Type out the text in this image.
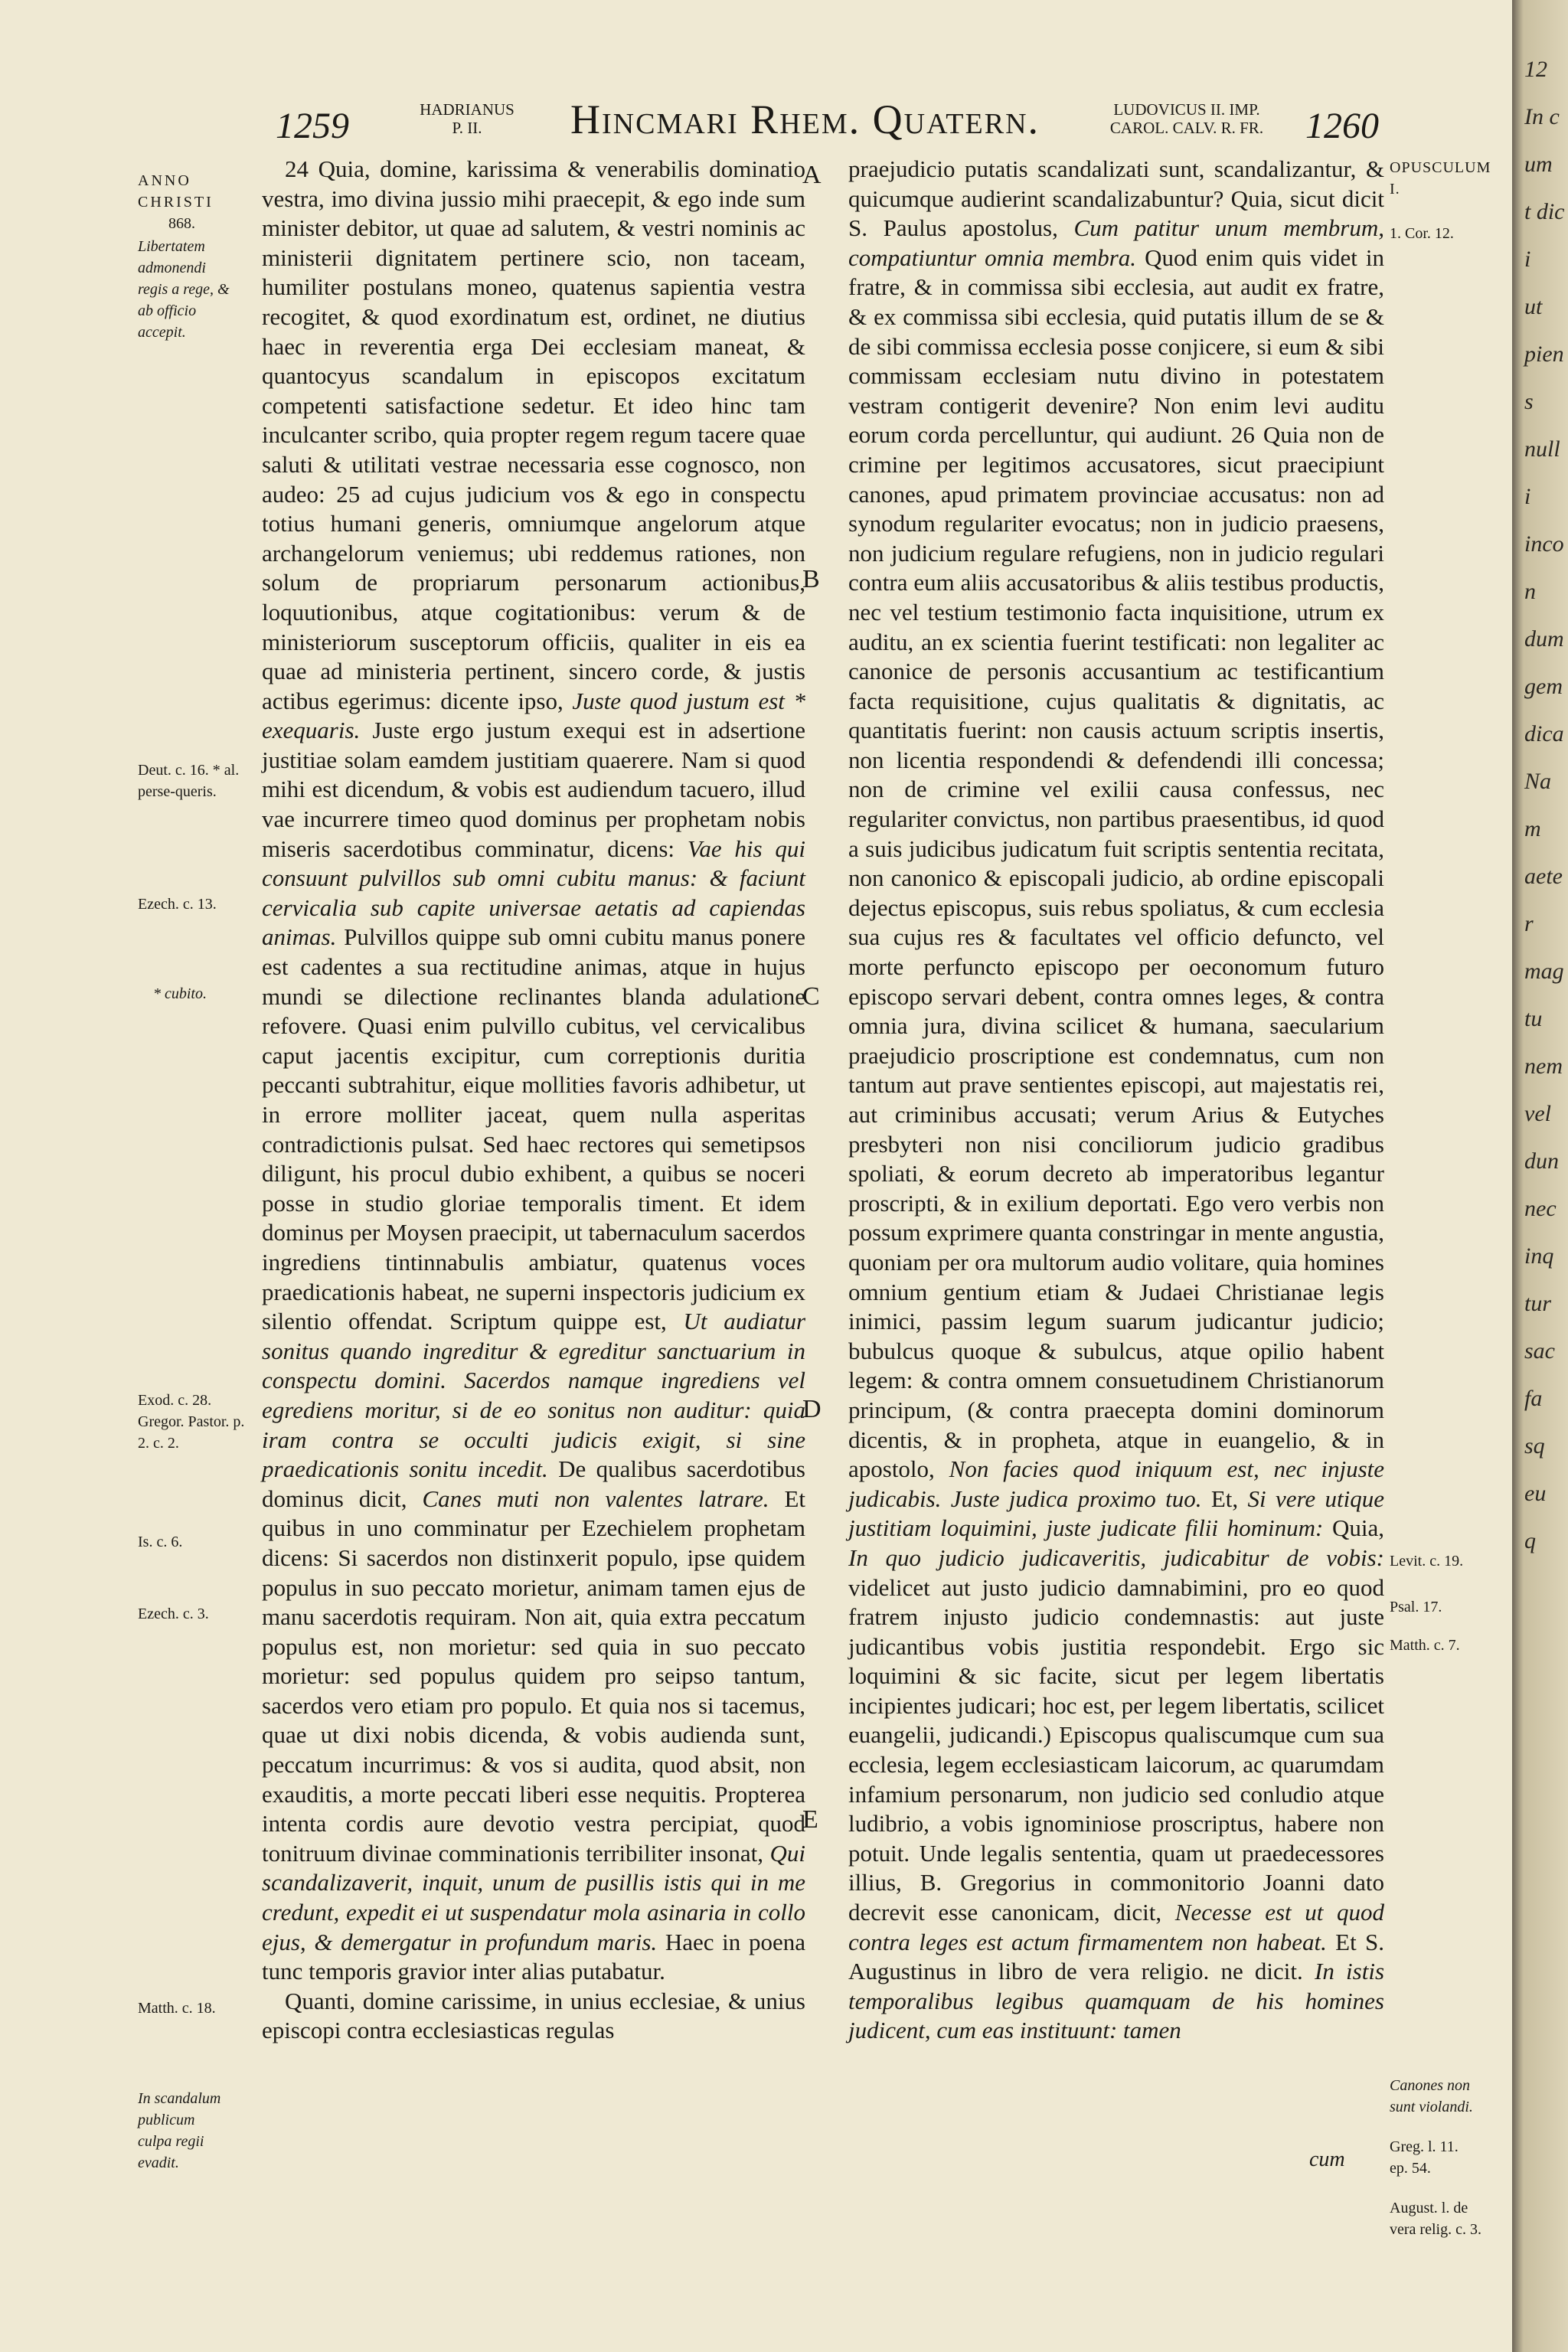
1259	HADRIANUS
P. II.	Hincmari Rhem. Quatern.	LUDOVICUS II. IMP.
CAROL. CALV. R. FR.	1260
ANNO CHRISTI
868.
Libertatem admonendi regis a rege, & ab officio accepit.
Deut. c. 16. * al. perse-queris.
Ezech. c. 13.
* cubito.
Exod. c. 28. Gregor. Pastor. p. 2. c. 2.
Is. c. 6.
Ezech. c. 3.
Matth. c. 18.
In scandalum publicum culpa regii evadit.

24 Quia, domine, karissima & venerabilis dominatio vestra, imo divina jussio mihi praecepit, & ego inde sum minister debitor, ut quae ad salutem, & vestri nominis ac ministerii dignitatem pertinere scio, non taceam, humiliter postulans moneo, quatenus sapientia vestra recogitet, & quod exordinatum est, ordinet, ne diutius haec in reverentia erga Dei ecclesiam maneat, & quantocyus scandalum in episcopos excitatum competenti satisfactione sedetur. Et ideo hinc tam inculcanter scribo, quia propter regem regum tacere quae saluti & utilitati vestrae necessaria esse cognosco, non audeo: 25 ad cujus judicium vos & ego in conspectu totius humani generis, omniumque angelorum atque archangelorum veniemus; ubi reddemus rationes, non solum de propriarum personarum actionibus, loquutionibus, atque cogitationibus: verum & de ministeriorum susceptorum officiis, qualiter in eis ea quae ad ministeria pertinent, sincero corde, & justis actibus egerimus: dicente ipso, Juste quod justum est * exequaris. Juste ergo justum exequi est in adsertione justitiae solam eamdem justitiam quaerere. Nam si quod mihi est dicendum, & vobis est audiendum tacuero, illud vae incurrere timeo quod dominus per prophetam nobis miseris sacerdotibus comminatur, dicens: Vae his qui consuunt pulvillos sub omni cubitu manus: & faciunt cervicalia sub capite universae aetatis ad capiendas animas. Pulvillos quippe sub omni cubitu manus ponere est cadentes a sua rectitudine animas, atque in hujus mundi se dilectione reclinantes blanda adulatione refovere. Quasi enim pulvillo cubitus, vel cervicalibus caput jacentis excipitur, cum correptionis duritia peccanti subtrahitur, eique mollities favoris adhibetur, ut in errore molliter jaceat, quem nulla asperitas contradictionis pulsat. Sed haec rectores qui semetipsos diligunt, his procul dubio exhibent, a quibus se noceri posse in studio gloriae temporalis timent. Et idem dominus per Moysen praecipit, ut tabernaculum sacerdos ingrediens tintinnabulis ambiatur, quatenus voces praedicationis habeat, ne superni inspectoris judicium ex silentio offendat. Scriptum quippe est, Ut audiatur sonitus quando ingreditur & egreditur sanctuarium in conspectu domini. Sacerdos namque ingrediens vel egrediens moritur, si de eo sonitus non auditur: quia iram contra se occulti judicis exigit, si sine praedicationis sonitu incedit. De qualibus sacerdotibus dominus dicit, Canes muti non valentes latrare. Et quibus in uno comminatur per Ezechielem prophetam dicens: Si sacerdos non distinxerit populo, ipse quidem populus in suo peccato morietur, animam tamen ejus de manu sacerdotis requiram. Non ait, quia extra peccatum populus est, non morietur: sed quia in suo peccato morietur: sed populus quidem pro seipso tantum, sacerdos vero etiam pro populo. Et quia nos si tacemus, quae ut dixi nobis dicenda, & vobis audienda sunt, peccatum incurrimus: & vos si audita, quod absit, non exauditis, a morte peccati liberi esse nequitis. Propterea intenta cordis aure devotio vestra percipiat, quod tonitruum divinae comminationis terribiliter insonat, Qui scandalizaverit, inquit, unum de pusillis istis qui in me credunt, expedit ei ut suspendatur mola asinaria in collo ejus, & demergatur in profundum maris. Haec in poena tunc temporis gravior inter alias putabatur.

Quanti, domine carissime, in unius ecclesiae, & unius episcopi contra ecclesiasticas regulas

A
B
C
D
E

praejudicio putatis scandalizati sunt, scandalizantur, & quicumque audierint scandalizabuntur? Quia, sicut dicit S. Paulus apostolus, Cum patitur unum membrum, compatiuntur omnia membra. Quod enim quis videt in fratre, & in commissa sibi ecclesia, aut audit ex fratre, & ex commissa sibi ecclesia, quid putatis illum de se & de sibi commissa ecclesia posse conjicere, si eum & sibi commissam ecclesiam nutu divino in potestatem vestram contigerit devenire? Non enim levi auditu eorum corda percelluntur, qui audiunt. 26 Quia non de crimine per legitimos accusatores, sicut praecipiunt canones, apud primatem provinciae accusatus: non ad synodum regulariter evocatus; non in judicio praesens, non judicium regulare refugiens, non in judicio regulari contra eum aliis accusatoribus & aliis testibus productis, nec vel testium testimonio facta inquisitione, utrum ex auditu, an ex scientia fuerint testificati: non legaliter ac canonice de personis accusantium ac testificantium facta requisitione, cujus qualitatis & dignitatis, ac quantitatis fuerint: non causis actuum scriptis insertis, non licentia respondendi & defendendi illi concessa; non de crimine vel exilii causa confessus, nec regulariter convictus, non partibus praesentibus, id quod a suis judicibus judicatum fuit scriptis sententia recitata, non canonico & episcopali judicio, ab ordine episcopali dejectus episcopus, suis rebus spoliatus, & cum ecclesia sua cujus res & facultates vel officio defuncto, vel morte perfuncto episcopo per oeconomum futuro episcopo servari debent, contra omnes leges, & contra omnia jura, divina scilicet & humana, saecularium praejudicio proscriptione est condemnatus, cum non tantum aut prave sentientes episcopi, aut majestatis rei, aut criminibus accusati; verum Arius & Eutyches presbyteri non nisi conciliorum judicio gradibus spoliati, & eorum decreto ab imperatoribus legantur proscripti, & in exilium deportati. Ego vero verbis non possum exprimere quanta constringar in mente angustia, quoniam per ora multorum audio volitare, quia homines omnium gentium etiam & Judaei Christianae legis inimici, passim legum suarum judicantur judicio; bubulcus quoque & subulcus, atque opilio habent legem: & contra omnem consuetudinem Christianorum principum, (& contra praecepta domini dominorum dicentis, & in propheta, atque in euangelio, & in apostolo, Non facies quod iniquum est, nec injuste judicabis. Juste judica proximo tuo. Et, Si vere utique justitiam loquimini, juste judicate filii hominum: Quia, In quo judicio judicaveritis, judicabitur de vobis: videlicet aut justo judicio damnabimini, pro eo quod fratrem injusto judicio condemnastis: aut juste judicantibus vobis justitia respondebit. Ergo sic loquimini & sic facite, sicut per legem libertatis incipientes judicari; hoc est, per legem libertatis, scilicet euangelii, judicandi.) Episcopus qualiscumque cum sua ecclesia, legem ecclesiasticam laicorum, ac quarumdam infamium personarum, non judicio sed conludio atque ludibrio, a vobis ignominiose proscriptus, habere non potuit. Unde legalis sententia, quam ut praedecessores illius, B. Gregorius in commonitorio Joanni dato decrevit esse canonicam, dicit, Necesse est ut quod contra leges est actum firmamentem non habeat. Et S. Augustinus in libro de vera religio. ne dicit. In istis temporalibus legibus quamquam de his homines judicent, cum eas instituunt: tamen

cum
OPUSCULUM I.
1. Cor. 12.
Levit. c. 19.
Psal. 17.
Matth. c. 7.
Canones non sunt violandi.
Greg. l. 11. ep. 54.
August. l. de vera relig. c. 3.
12
In cum
t dici
ut
piens
nulli
incon
dum
gem
dica
Nam
aeter
mag
tu
nem
vel
dun
nec
inq
tur
sac
fa
sq
eu
q
